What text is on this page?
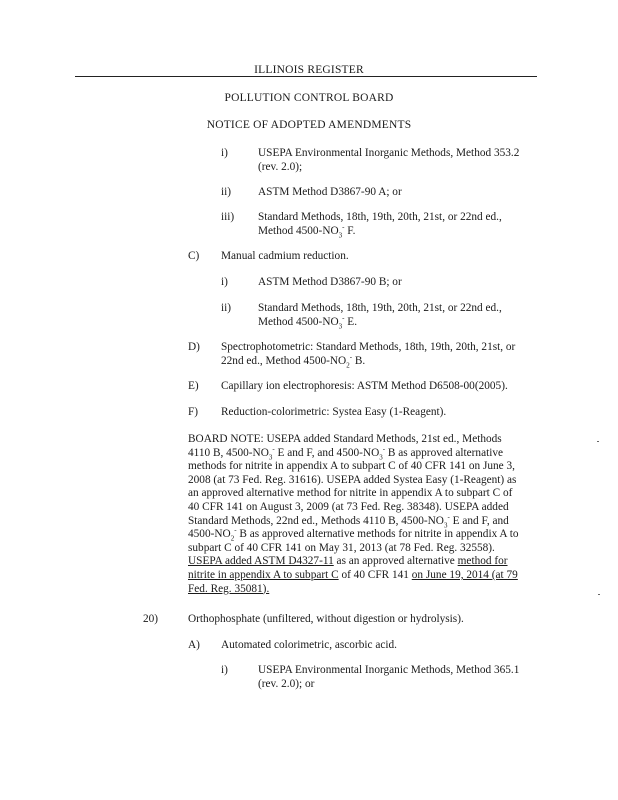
ILLINOIS REGISTER
POLLUTION CONTROL BOARD
NOTICE OF ADOPTED AMENDMENTS
i)	USEPA Environmental Inorganic Methods, Method 353.2
(rev. 2.0);
ii) ASTM Method D3867-90 A; or
iii) Standard Methods, 18th, 19th, 20th, 21st, or 22nd ed.,
Method $4500-NO_3^-$ F.
C) Manual cadmium reduction.
i)	ASTM Method D3867-90 B; or
ii) Standard Methods, 18th, 19th, 20th, 21st, or 22nd ed.,
Method $4500-NO_3^-$ E.
D) Spectrophotometric: Standard Methods, 18th, 19th, 20th, 21st, or
22nd ed., Method $4500-NO_2^-$ B.
E) Capillary ion electrophoresis: ASTM Method D6508-00(2005).
F) Reduction-colorimetric: Systea Easy (1-Reagent).
BOARD NOTE: USEPA added Standard Methods, 21st ed., Methods
4110 B, $4500-NO_3^-$ E and F, and $4500-NO_3^-$ B as approved alternative
methods for nitrite in appendix A to subpart C of 40 CFR 141 on June 3,
2008 (at 73 Fed. Reg. 31616). USEPA added Systea Easy (1-Reagent) as
an approved alternative method for nitrite in appendix A to subpart C of
40 CFR 141 on August 3, 2009 (at 73 Fed. Reg. 38348). USEPA added
Standard Methods, 22nd ed., Methods 4110 B, $4500-NO_3^-$ E and F, and
$4500-NO_2^-$ B as approved alternative methods for nitrite in appendix A to
subpart C of 40 CFR 141 on May 31, 2013 (at 78 Fed. Reg. 32558).
USEPA added ASTM D4327-11 as an approved alternative method for
nitrite in appendix A to subpart C of 40 CFR 141 on June 19, 2014 (at 79
Fed. Reg. 35081).
20)	Orthophosphate (unfiltered, without digestion or hydrolysis).
A) Automated colorimetric, ascorbic acid.
i)	USEPA Environmental Inorganic Methods, Method 365.1
(rev. 2.0); or
